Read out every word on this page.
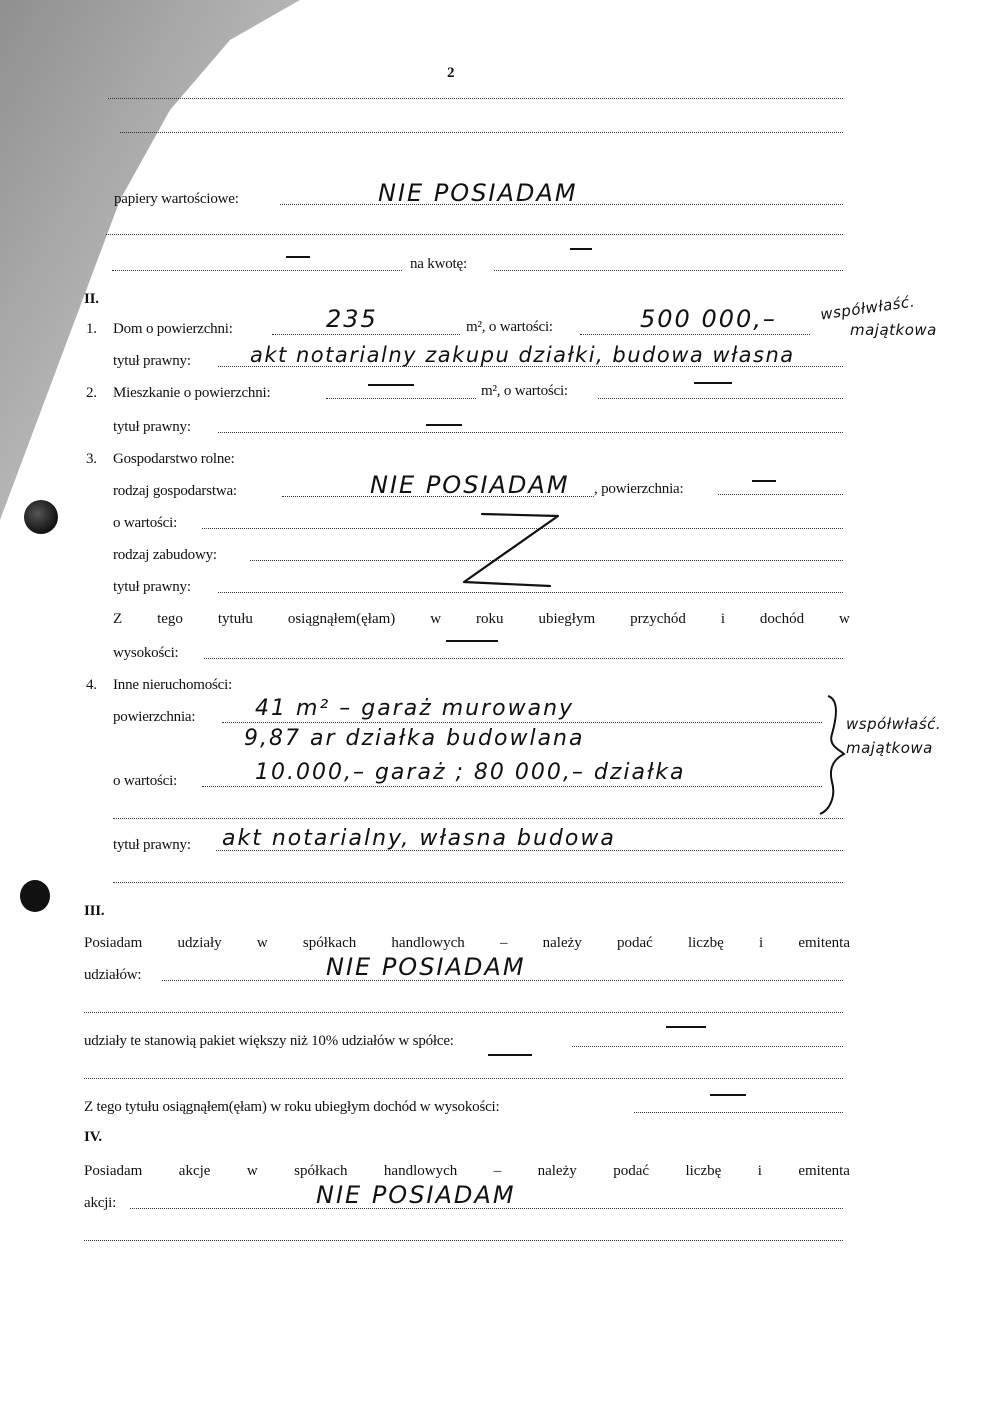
2
papiery wartościowe:	NIE POSIADAM
na kwotę:
II.
1. Dom o powierzchni:	235	m², o wartości:	500 000,–	współwłaść.
majątkowa
tytuł prawny:	akt notarialny zakupu działki, budowa własna
2. Mieszkanie o powierzchni:	m², o wartości:
tytuł prawny:
3. Gospodarstwo rolne:
rodzaj gospodarstwa:	NIE POSIADAM , powierzchnia:
o wartości:
rodzaj zabudowy:
tytuł prawny:
Z tego tytułu osiągnąłem(ęłam) w roku ubiegłym przychód i dochód w
wysokości:
4. Inne nieruchomości:
powierzchnia:	41 m² – garaż murowany
9,87 ar działka budowlana
współwłaść.
majątkowa
o wartości:	10.000,– garaż ; 80 000,– działka
tytuł prawny: akt notarialny, własna budowa
III.
Posiadam udziały w spółkach handlowych – należy podać liczbę i emitenta
udziałów:	NIE POSIADAM
udziały te stanowią pakiet większy niż 10% udziałów w spółce:
Z tego tytułu osiągnąłem(ęłam) w roku ubiegłym dochód w wysokości:
IV.
Posiadam akcje w spółkach handlowych – należy podać liczbę i emitenta
akcji:	NIE POSIADAM
